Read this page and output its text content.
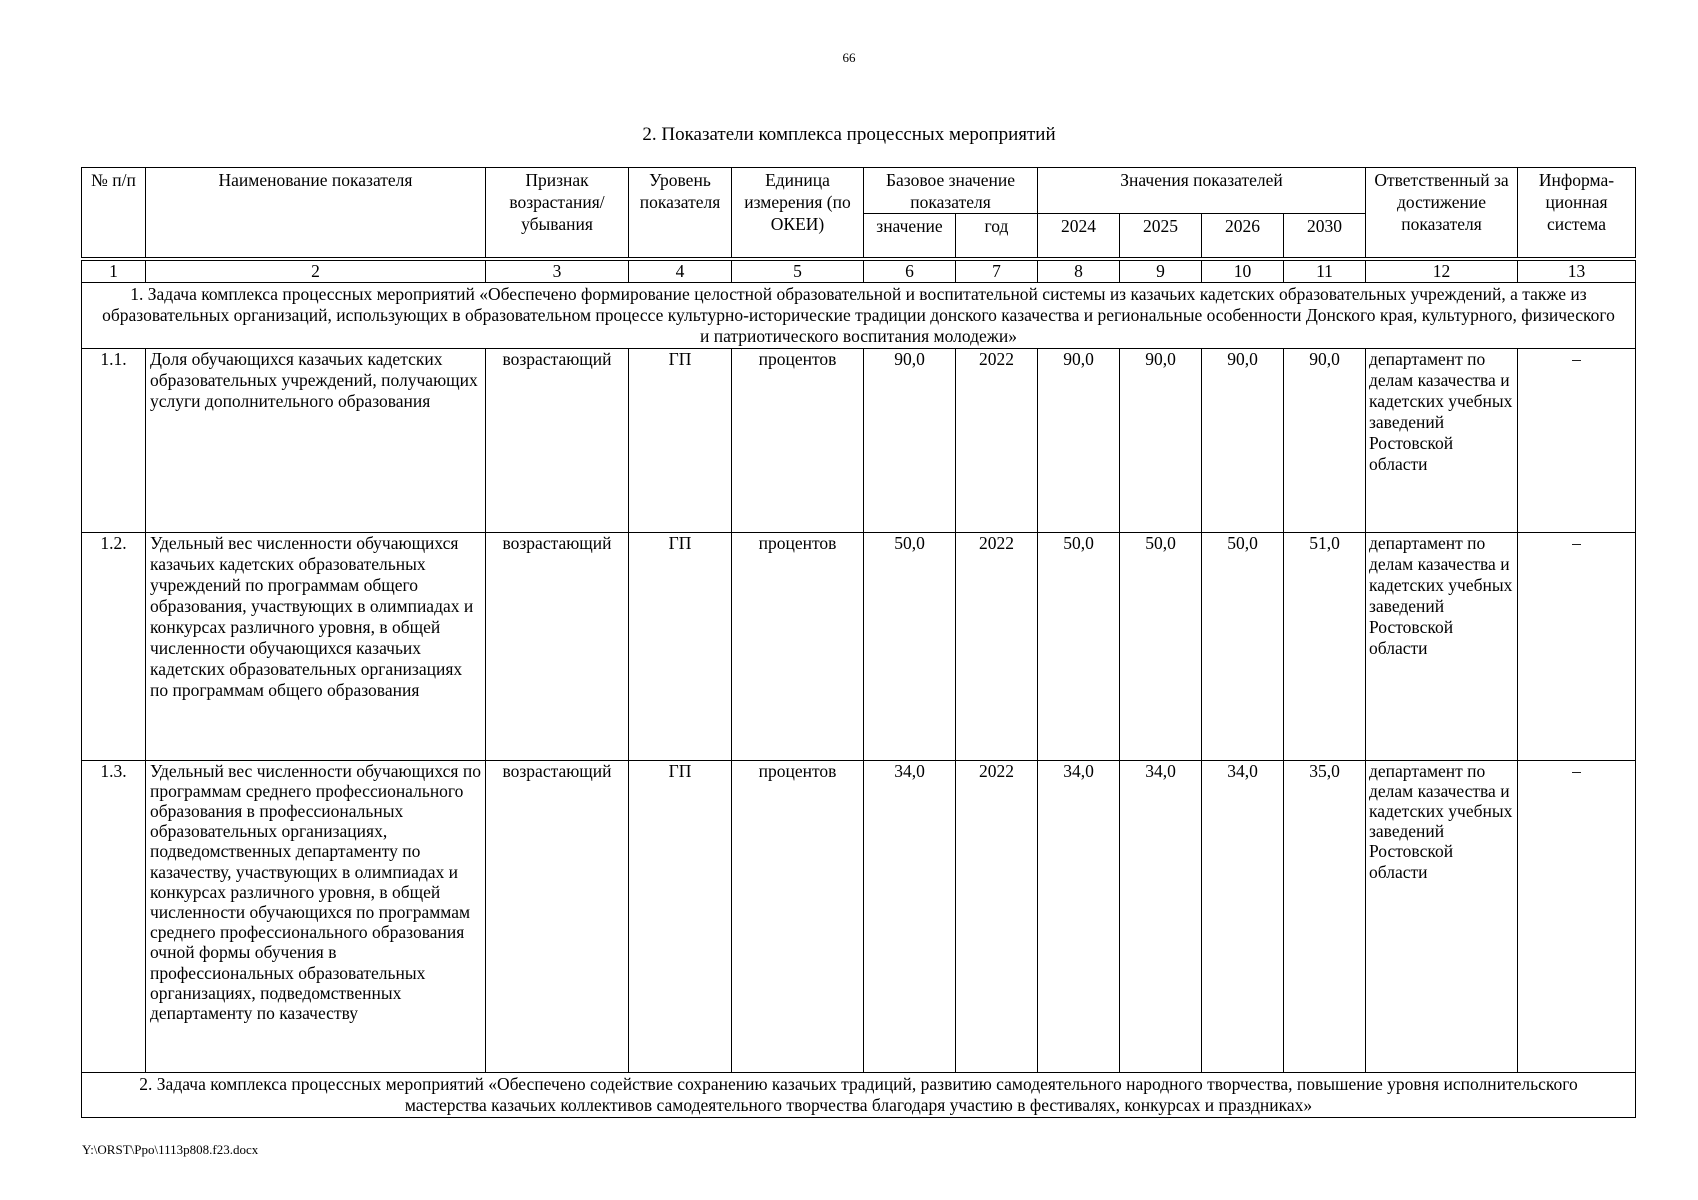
66
2. Показатели комплекса процессных мероприятий
№ п/п	Наименование показателя	Признак возрастания/ убывания	Уровень показателя	Единица измерения (по ОКЕИ)	Базовое значение показателя		Значения показателей				Ответственный за достижение показателя	Информа-ционная система
					значение	год	2024	2025	2026	2030		
1	2	3	4	5	6	7	8	9	10	11	12	13
1. Задача комплекса процессных мероприятий «Обеспечено формирование целостной образовательной и воспитательной системы из казачьих кадетских образовательных учреждений, а также из образовательных организаций, использующих в образовательном процессе культурно-исторические традиции донского казачества и региональные особенности Донского края, культурного, физического и патриотического воспитания молодежи»												
1.1.	Доля обучающихся казачьих кадетских образовательных учреждений, получающих услуги дополнительного образования	возрастающий	ГП	процентов	90,0	2022	90,0	90,0	90,0	90,0	департамент по делам казачества и кадетских учебных заведений Ростовской области	–
1.2.	Удельный вес численности обучающихся казачьих кадетских образовательных учреждений по программам общего образования, участвующих в олимпиадах и конкурсах различного уровня, в общей численности обучающихся казачьих кадетских образовательных организациях по программам общего образования	возрастающий	ГП	процентов	50,0	2022	50,0	50,0	50,0	51,0	департамент по делам казачества и кадетских учебных заведений Ростовской области	–
1.3.	Удельный вес численности обучающихся по программам среднего профессионального образования в профессиональных образовательных организациях, подведомственных департаменту по казачеству, участвующих в олимпиадах и конкурсах различного уровня, в общей численности обучающихся по программам среднего профессионального образования очной формы обучения в профессиональных образовательных организациях, подведомственных департаменту по казачеству	возрастающий	ГП	процентов	34,0	2022	34,0	34,0	34,0	35,0	департамент по делам казачества и кадетских учебных заведений Ростовской области	–
2. Задача комплекса процессных мероприятий «Обеспечено содействие сохранению казачьих традиций, развитию самодеятельного народного творчества, повышение уровня исполнительского мастерства казачьих коллективов самодеятельного творчества благодаря участию в фестивалях, конкурсах и праздниках»												
Y:\ORST\Ppo\1113p808.f23.docx
